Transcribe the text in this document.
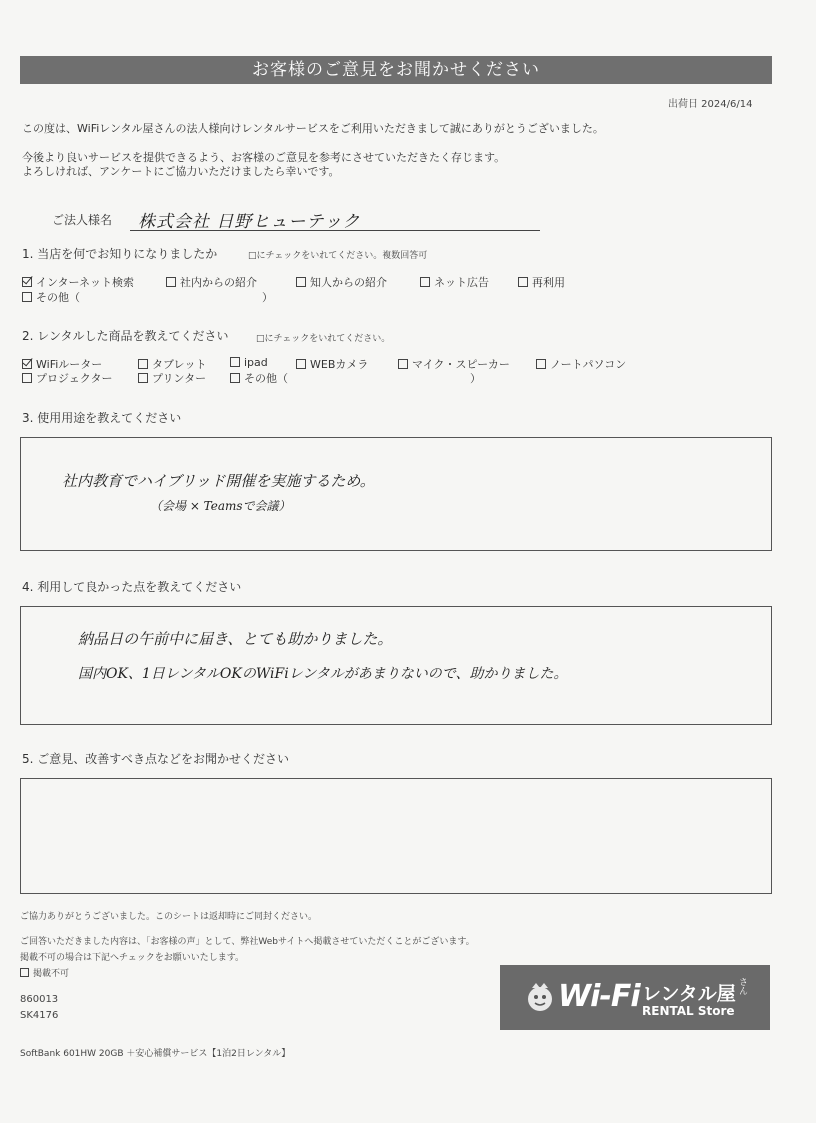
お客様のご意見をお聞かせください
出荷日 2024/6/14
この度は、WiFiレンタル屋さんの法人様向けレンタルサービスをご利用いただきまして誠にありがとうございました。
今後より良いサービスを提供できるよう、お客様のご意見を参考にさせていただきたく存じます。
よろしければ、アンケートにご協力いただけましたら幸いです。
ご法人様名 株式会社 日野ヒューテック
1. 当店を何でお知りになりましたか	□にチェックをいれてください。複数回答可
インターネット検索	社内からの紹介	知人からの紹介	ネット広告	再利用
その他（	）
2. レンタルした商品を教えてください	□にチェックをいれてください。
WiFiルーター	タブレット	ipad	WEBカメラ	マイク・スピーカー	ノートパソコン
プロジェクター	プリンター	その他（	）
3. 使用用途を教えてください
社内教育でハイブリッド開催を実施するため。
（会場 × Teamsで会議）
4. 利用して良かった点を教えてください
納品日の午前中に届き、とても助かりました。
国内OK、1日レンタルOKのWiFiレンタルがあまりないので、助かりました。
5. ご意見、改善すべき点などをお聞かせください
ご協力ありがとうございました。このシートは返却時にご同封ください。
ご回答いただきました内容は、「お客様の声」として、弊社Webサイトへ掲載させていただくことがございます。
掲載不可の場合は下記へチェックをお願いいたします。
掲載不可
860013
SK4176
SoftBank 601HW 20GB ＋安心補償サービス【1泊2日レンタル】
Wi-Fi レンタル屋 さん
RENTAL Store
